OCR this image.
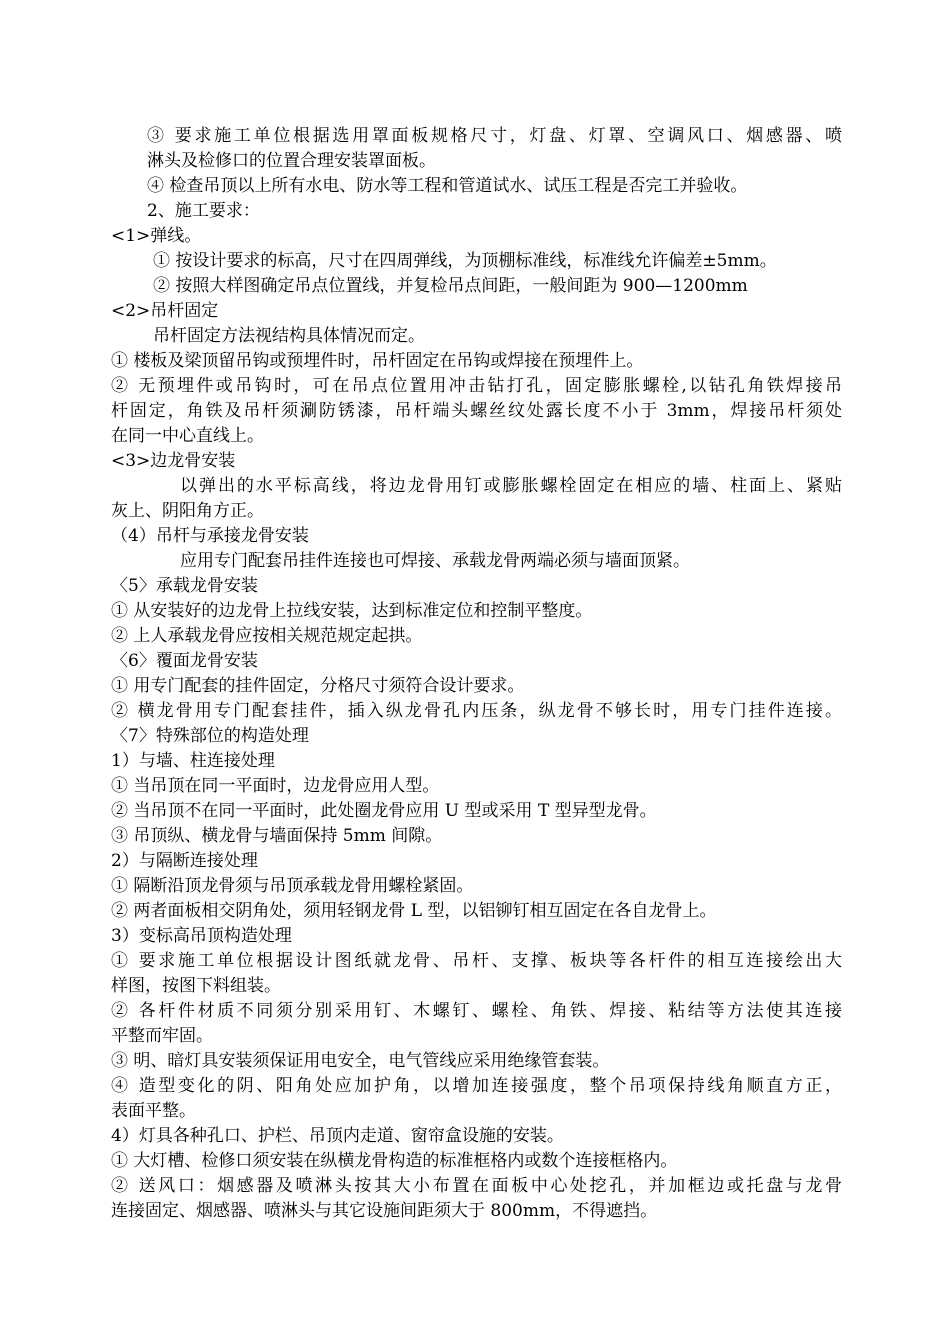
③ 要求施工单位根据选用罩面板规格尺寸，灯盘、灯罩、空调风口、烟感器、喷
淋头及检修口的位置合理安装罩面板。
④ 检查吊顶以上所有水电、防水等工程和管道试水、试压工程是否完工并验收。
2、施工要求：
<1>弹线。
① 按设计要求的标高，尺寸在四周弹线，为顶棚标准线，标准线允许偏差±5mm。
② 按照大样图确定吊点位置线，并复检吊点间距，一般间距为 900—1200mm
<2>吊杆固定
吊杆固定方法视结构具体情况而定。
① 楼板及梁顶留吊钩或预埋件时，吊杆固定在吊钩或焊接在预埋件上。
② 无预埋件或吊钩时，可在吊点位置用冲击钻打孔，固定膨胀螺栓,以钻孔角铁焊接吊
杆固定，角铁及吊杆须涮防锈漆，吊杆端头螺丝纹处露长度不小于 3mm，焊接吊杆须处
在同一中心直线上。
<3>边龙骨安装
以弹出的水平标高线，将边龙骨用钉或膨胀螺栓固定在相应的墙、柱面上、紧贴
灰上、阴阳角方正。
（4）吊杆与承接龙骨安装
应用专门配套吊挂件连接也可焊接、承载龙骨两端必须与墙面顶紧。
〈5〉承载龙骨安装
① 从安装好的边龙骨上拉线安装，达到标准定位和控制平整度。
② 上人承载龙骨应按相关规范规定起拱。
〈6〉覆面龙骨安装
① 用专门配套的挂件固定，分格尺寸须符合设计要求。
② 横龙骨用专门配套挂件，插入纵龙骨孔内压条，纵龙骨不够长时，用专门挂件连接。
〈7〉特殊部位的构造处理
1）与墙、柱连接处理
① 当吊顶在同一平面时，边龙骨应用人型。
② 当吊顶不在同一平面时，此处圈龙骨应用 U 型或采用 T 型异型龙骨。
③ 吊顶纵、横龙骨与墙面保持 5mm 间隙。
2）与隔断连接处理
① 隔断沿顶龙骨须与吊顶承载龙骨用螺栓紧固。
② 两者面板相交阴角处，须用轻钢龙骨 L 型，以铝铆钉相互固定在各自龙骨上。
3）变标高吊顶构造处理
① 要求施工单位根据设计图纸就龙骨、吊杆、支撑、板块等各杆件的相互连接绘出大
样图，按图下料组装。
② 各杆件材质不同须分别采用钉、木螺钉、螺栓、角铁、焊接、粘结等方法使其连接
平整而牢固。
③ 明、暗灯具安装须保证用电安全，电气管线应采用绝缘管套装。
④ 造型变化的阴、阳角处应加护角，以增加连接强度，整个吊项保持线角顺直方正，
表面平整。
4）灯具各种孔口、护栏、吊顶内走道、窗帘盒设施的安装。
① 大灯槽、检修口须安装在纵横龙骨构造的标准框格内或数个连接框格内。
② 送风口：烟感器及喷淋头按其大小布置在面板中心处挖孔，并加框边或托盘与龙骨
连接固定、烟感器、喷淋头与其它设施间距须大于 800mm，不得遮挡。
